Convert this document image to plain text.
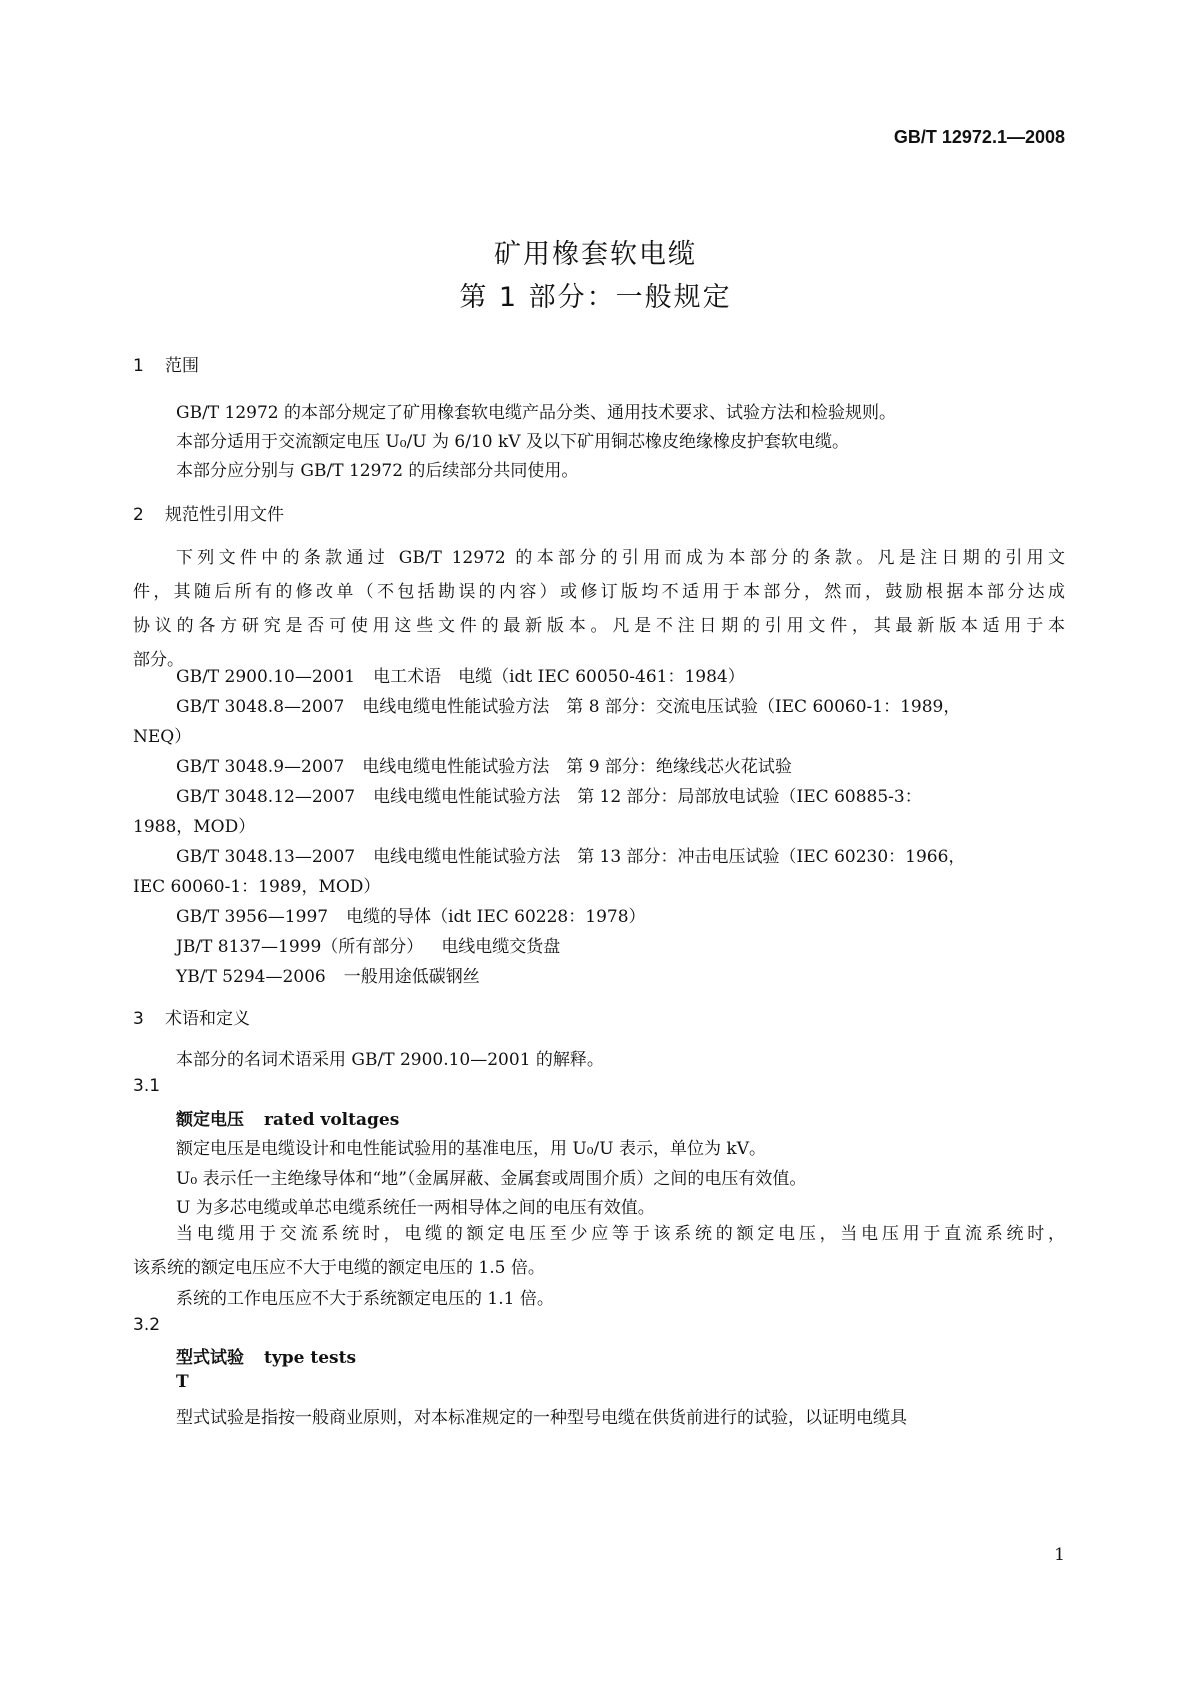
GB/T 12972.1—2008
矿用橡套软电缆
第 1 部分：一般规定
1 范围
GB/T 12972 的本部分规定了矿用橡套软电缆产品分类、通用技术要求、试验方法和检验规则。
本部分适用于交流额定电压 U₀/U 为 6/10 kV 及以下矿用铜芯橡皮绝缘橡皮护套软电缆。
本部分应分别与 GB/T 12972 的后续部分共同使用。
2 规范性引用文件
下列文件中的条款通过 GB/T 12972 的本部分的引用而成为本部分的条款。凡是注日期的引用文
件，其随后所有的修改单（不包括勘误的内容）或修订版均不适用于本部分，然而，鼓励根据本部分达成
协议的各方研究是否可使用这些文件的最新版本。凡是不注日期的引用文件，其最新版本适用于本
部分。
GB/T 2900.10—2001 电工术语　电缆（idt IEC 60050-461：1984）
GB/T 3048.8—2007 电线电缆电性能试验方法　第 8 部分：交流电压试验（IEC 60060-1：1989，
NEQ）
GB/T 3048.9—2007 电线电缆电性能试验方法　第 9 部分：绝缘线芯火花试验
GB/T 3048.12—2007 电线电缆电性能试验方法　第 12 部分：局部放电试验（IEC 60885-3：
1988，MOD）
GB/T 3048.13—2007 电线电缆电性能试验方法　第 13 部分：冲击电压试验（IEC 60230：1966，
IEC 60060-1：1989，MOD）
GB/T 3956—1997 电缆的导体（idt IEC 60228：1978）
JB/T 8137—1999（所有部分） 电线电缆交货盘
YB/T 5294—2006 一般用途低碳钢丝
3 术语和定义
本部分的名词术语采用 GB/T 2900.10—2001 的解释。
3.1
额定电压 rated voltages
额定电压是电缆设计和电性能试验用的基准电压，用 U₀/U 表示，单位为 kV。
U₀ 表示任一主绝缘导体和“地”（金属屏蔽、金属套或周围介质）之间的电压有效值。
U 为多芯电缆或单芯电缆系统任一两相导体之间的电压有效值。
当电缆用于交流系统时，电缆的额定电压至少应等于该系统的额定电压，当电压用于直流系统时，
该系统的额定电压应不大于电缆的额定电压的 1.5 倍。
系统的工作电压应不大于系统额定电压的 1.1 倍。
3.2
型式试验 type tests
T
型式试验是指按一般商业原则，对本标准规定的一种型号电缆在供货前进行的试验，以证明电缆具
1
